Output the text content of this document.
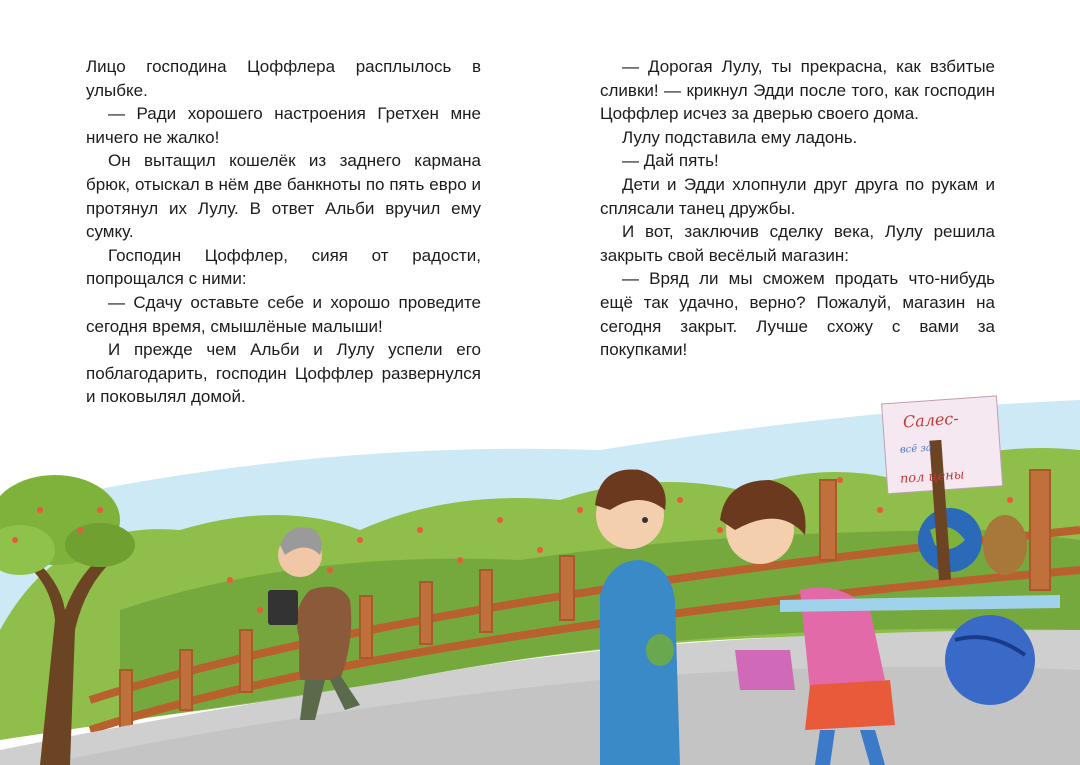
Лицо господина Цоффлера расплылось в улыбке.

— Ради хорошего настроения Гретхен мне ничего не жалко!

Он вытащил кошелёк из заднего кармана брюк, отыскал в нём две банкноты по пять евро и протянул их Лулу. В ответ Альби вручил ему сумку.

Господин Цоффлер, сияя от радости, попрощался с ними:

— Сдачу оставьте себе и хорошо проведите сегодня время, смышлёные малыши!

И прежде чем Альби и Лулу успели его поблагодарить, господин Цоффлер развернулся и поковылял домой.

— Дорогая Лулу, ты прекрасна, как взбитые сливки! — крикнул Эдди после того, как господин Цоффлер исчез за дверью своего дома.

Лулу подставила ему ладонь.

— Дай пять!

Дети и Эдди хлопнули друг друга по рукам и сплясали танец дружбы.

И вот, заключив сделку века, Лулу решила закрыть свой весёлый магазин:

— Вряд ли мы сможем продать что-нибудь ещё так удачно, верно? Пожалуй, магазин на сегодня закрыт. Лучше схожу с вами за покупками!

Салес-
всё за
пол цены
